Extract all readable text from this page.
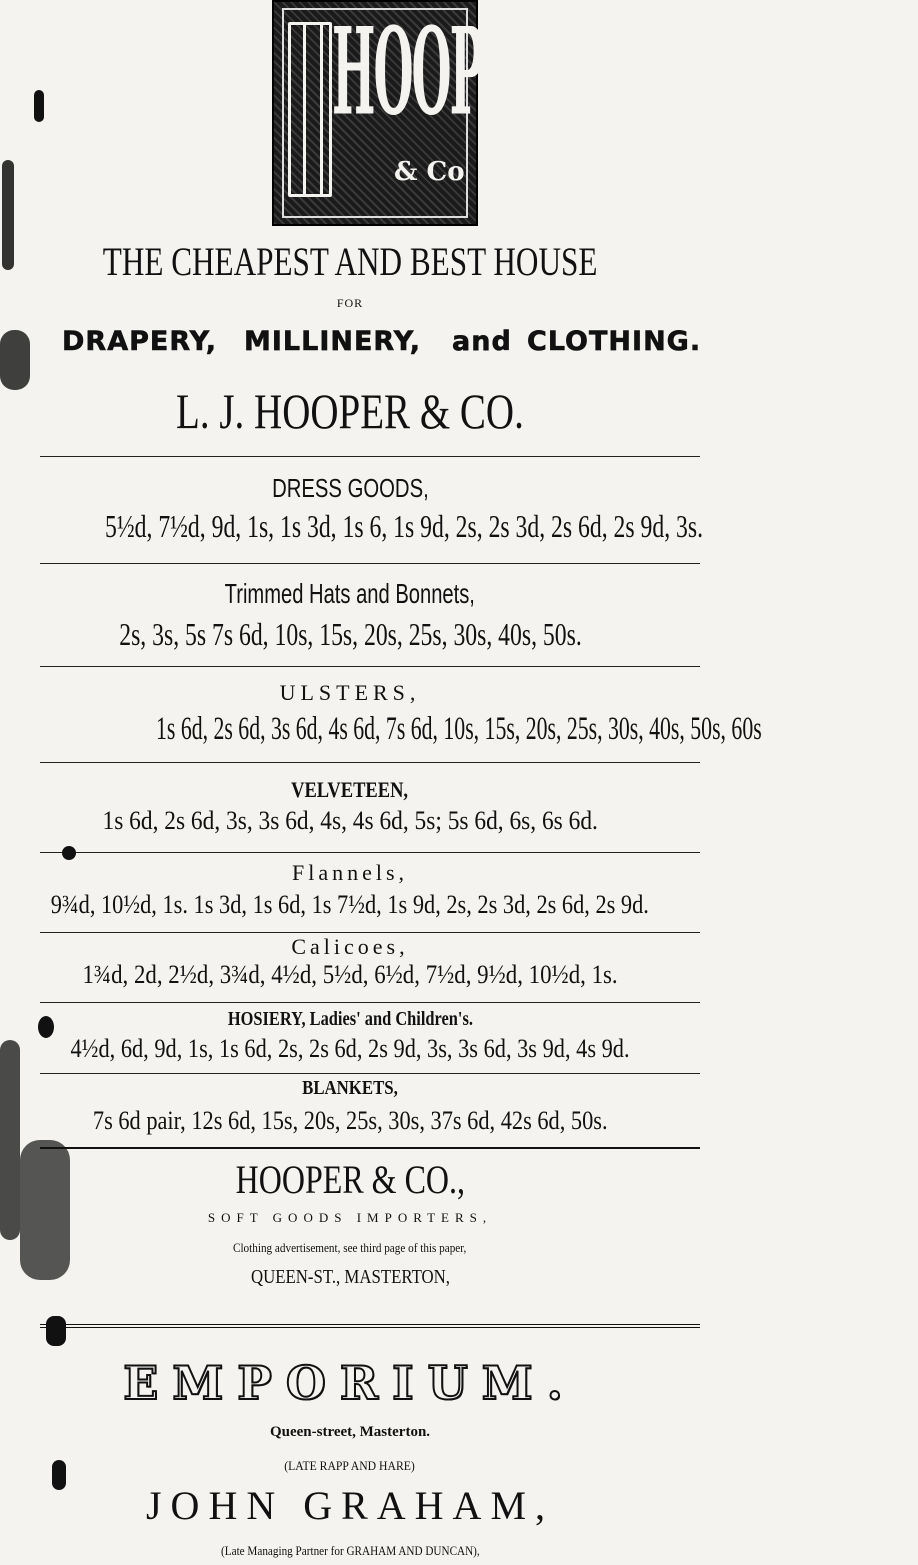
HOOPER
& Co
THE CHEAPEST AND BEST HOUSE
FOR
DRAPERY, MILLINERY, and CLOTHING.
L. J. HOOPER & CO.
DRESS GOODS,
5½d, 7½d, 9d, 1s, 1s 3d, 1s 6, 1s 9d, 2s, 2s 3d, 2s 6d, 2s 9d, 3s.
Trimmed Hats and Bonnets,
2s, 3s, 5s 7s 6d, 10s, 15s, 20s, 25s, 30s, 40s, 50s.
ULSTERS,
1s 6d, 2s 6d, 3s 6d, 4s 6d, 7s 6d, 10s, 15s, 20s, 25s, 30s, 40s, 50s, 60s
VELVETEEN,
1s 6d, 2s 6d, 3s, 3s 6d, 4s, 4s 6d, 5s; 5s 6d, 6s, 6s 6d.
Flannels,
9¾d, 10½d, 1s. 1s 3d, 1s 6d, 1s 7½d, 1s 9d, 2s, 2s 3d, 2s 6d, 2s 9d.
Calicoes,
1¾d, 2d, 2½d, 3¾d, 4½d, 5½d, 6½d, 7½d, 9½d, 10½d, 1s.
HOSIERY, Ladies' and Children's.
4½d, 6d, 9d, 1s, 1s 6d, 2s, 2s 6d, 2s 9d, 3s, 3s 6d, 3s 9d, 4s 9d.
BLANKETS,
7s 6d pair, 12s 6d, 15s, 20s, 25s, 30s, 37s 6d, 42s 6d, 50s.
HOOPER & CO.,
SOFT GOODS IMPORTERS,
Clothing advertisement, see third page of this paper,
QUEEN-ST., MASTERTON,
EMPORIUM.
Queen-street, Masterton.
(LATE RAPP AND HARE)
JOHN GRAHAM,
(Late Managing Partner for GRAHAM AND DUNCAN),
